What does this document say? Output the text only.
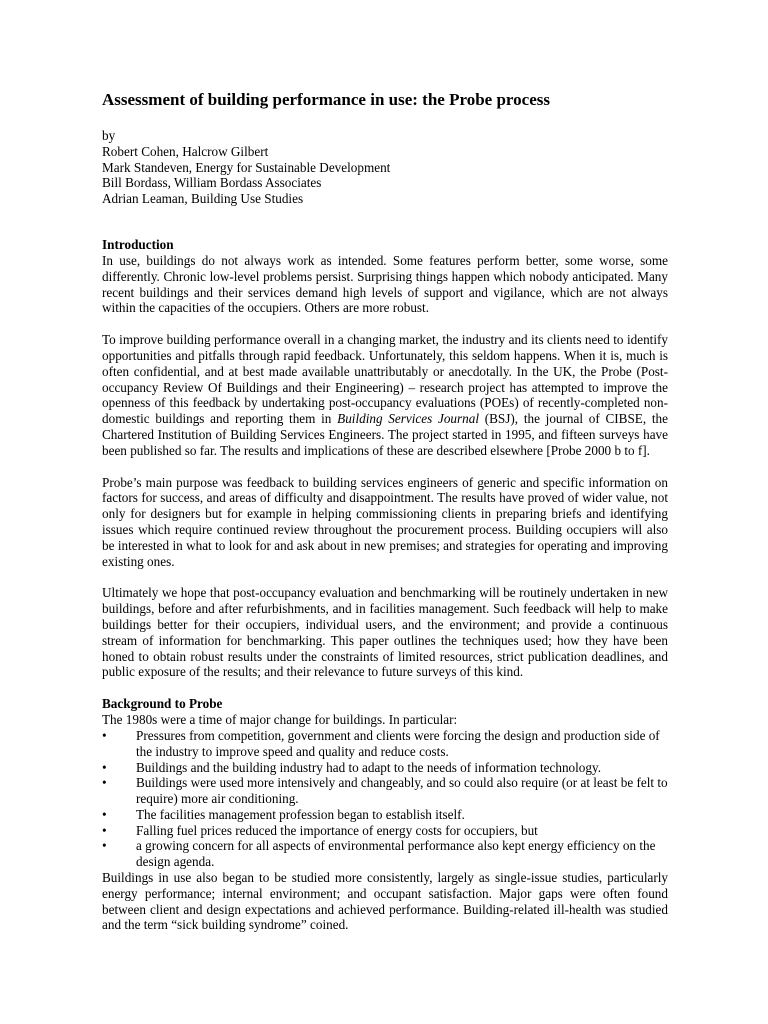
Assessment of building performance in use: the Probe process
by
Robert Cohen, Halcrow Gilbert
Mark Standeven, Energy for Sustainable Development
Bill Bordass, William Bordass Associates
Adrian Leaman, Building Use Studies
Introduction

In use, buildings do not always work as intended. Some features perform better, some worse, some differently. Chronic low-level problems persist. Surprising things happen which nobody anticipated. Many recent buildings and their services demand high levels of support and vigilance, which are not always within the capacities of the occupiers. Others are more robust.

To improve building performance overall in a changing market, the industry and its clients need to identify opportunities and pitfalls through rapid feedback. Unfortunately, this seldom happens. When it is, much is often confidential, and at best made available unattributably or anecdotally. In the UK, the Probe (Post-occupancy Review Of Buildings and their Engineering) – research project has attempted to improve the openness of this feedback by undertaking post-occupancy evaluations (POEs) of recently-completed non-domestic buildings and reporting them in Building Services Journal (BSJ), the journal of CIBSE, the Chartered Institution of Building Services Engineers. The project started in 1995, and fifteen surveys have been published so far. The results and implications of these are described elsewhere [Probe 2000 b to f].

Probe’s main purpose was feedback to building services engineers of generic and specific information on factors for success, and areas of difficulty and disappointment. The results have proved of wider value, not only for designers but for example in helping commissioning clients in preparing briefs and identifying issues which require continued review throughout the procurement process. Building occupiers will also be interested in what to look for and ask about in new premises; and strategies for operating and improving existing ones.

Ultimately we hope that post-occupancy evaluation and benchmarking will be routinely undertaken in new buildings, before and after refurbishments, and in facilities management. Such feedback will help to make buildings better for their occupiers, individual users, and the environment; and provide a continuous stream of information for benchmarking. This paper outlines the techniques used; how they have been honed to obtain robust results under the constraints of limited resources, strict publication deadlines, and public exposure of the results; and their relevance to future surveys of this kind.

Background to Probe

The 1980s were a time of major change for buildings. In particular:

• Pressures from competition, government and clients were forcing the design and production side of the industry to improve speed and quality and reduce costs.
• Buildings and the building industry had to adapt to the needs of information technology.
• Buildings were used more intensively and changeably, and so could also require (or at least be felt to require) more air conditioning.
• The facilities management profession began to establish itself.
• Falling fuel prices reduced the importance of energy costs for occupiers, but
• a growing concern for all aspects of environmental performance also kept energy efficiency on the design agenda.

Buildings in use also began to be studied more consistently, largely as single-issue studies, particularly energy performance; internal environment; and occupant satisfaction. Major gaps were often found between client and design expectations and achieved performance. Building-related ill-health was studied and the term “sick building syndrome” coined.
